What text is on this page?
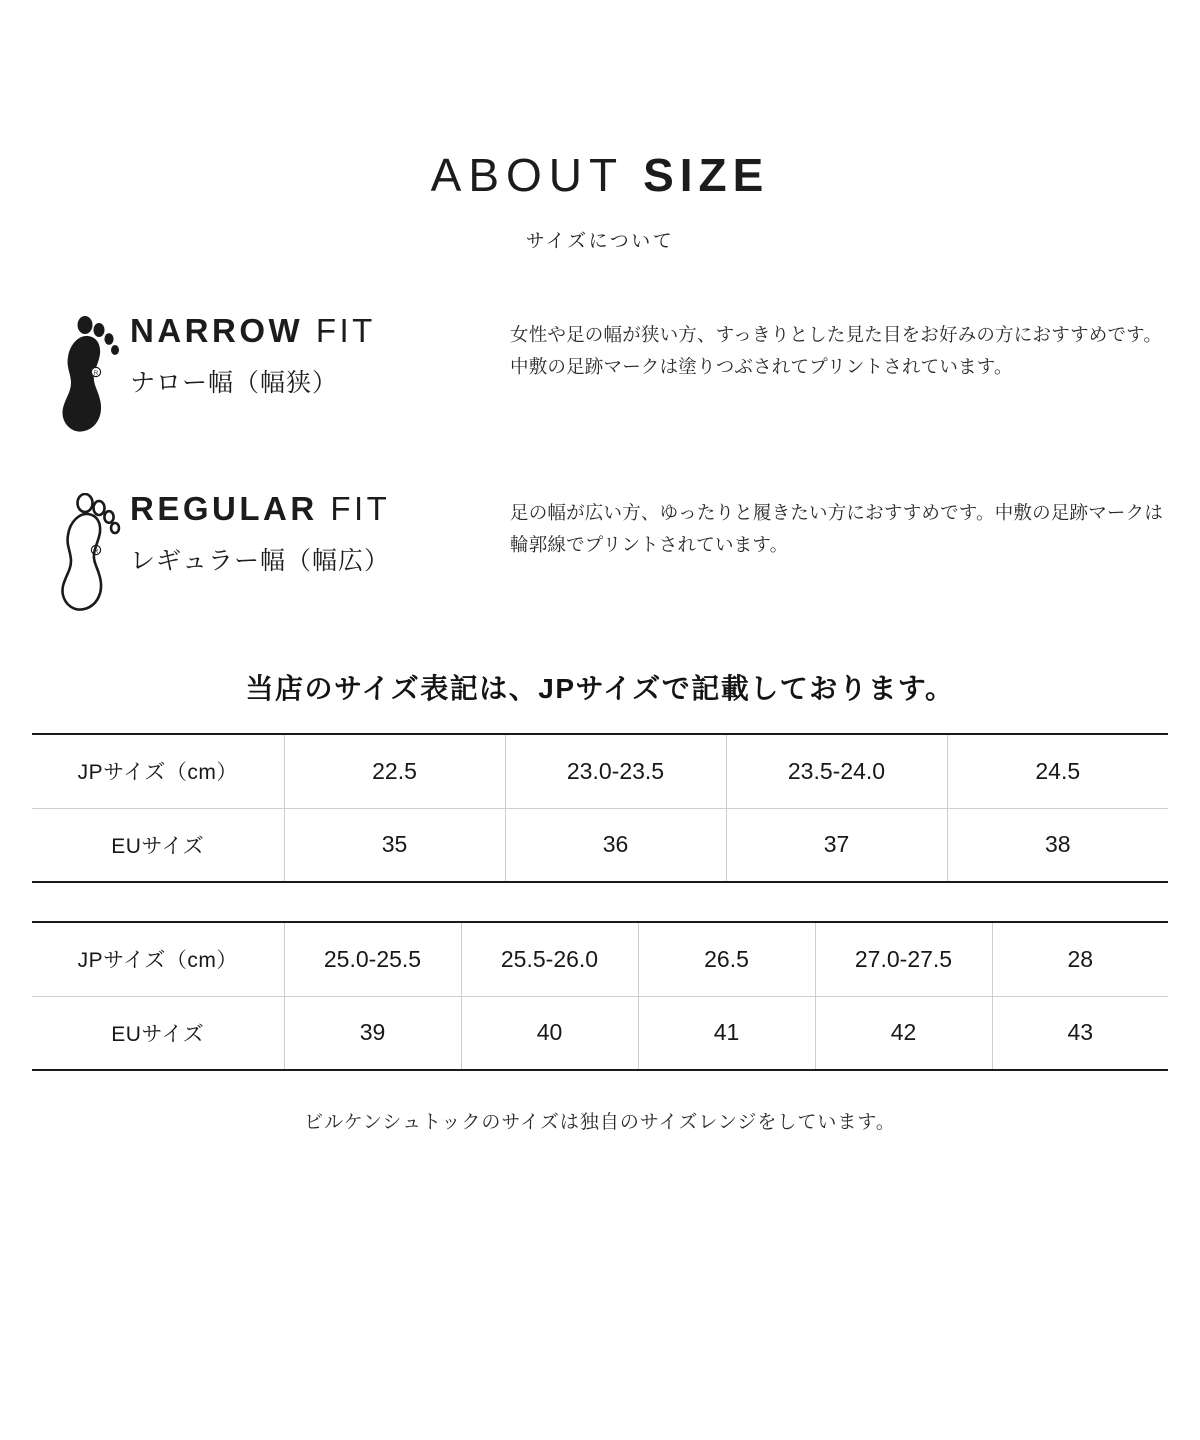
ABOUT SIZE
サイズについて
R
NARROW FIT
ナロー幅（幅狭）
女性や足の幅が狭い方、すっきりとした見た目をお好みの方におすすめです。中敷の足跡マークは塗りつぶされてプリントされています。
R
REGULAR FIT
レギュラー幅（幅広）
足の幅が広い方、ゆったりと履きたい方におすすめです。中敷の足跡マークは輪郭線でプリントされています。
当店のサイズ表記は、JPサイズで記載しております。
JPサイズ（cm）	22.5	23.0-23.5	23.5-24.0	24.5
EUサイズ	35	36	37	38
JPサイズ（cm）	25.0-25.5	25.5-26.0	26.5	27.0-27.5	28
EUサイズ	39	40	41	42	43
ビルケンシュトックのサイズは独自のサイズレンジをしています。
